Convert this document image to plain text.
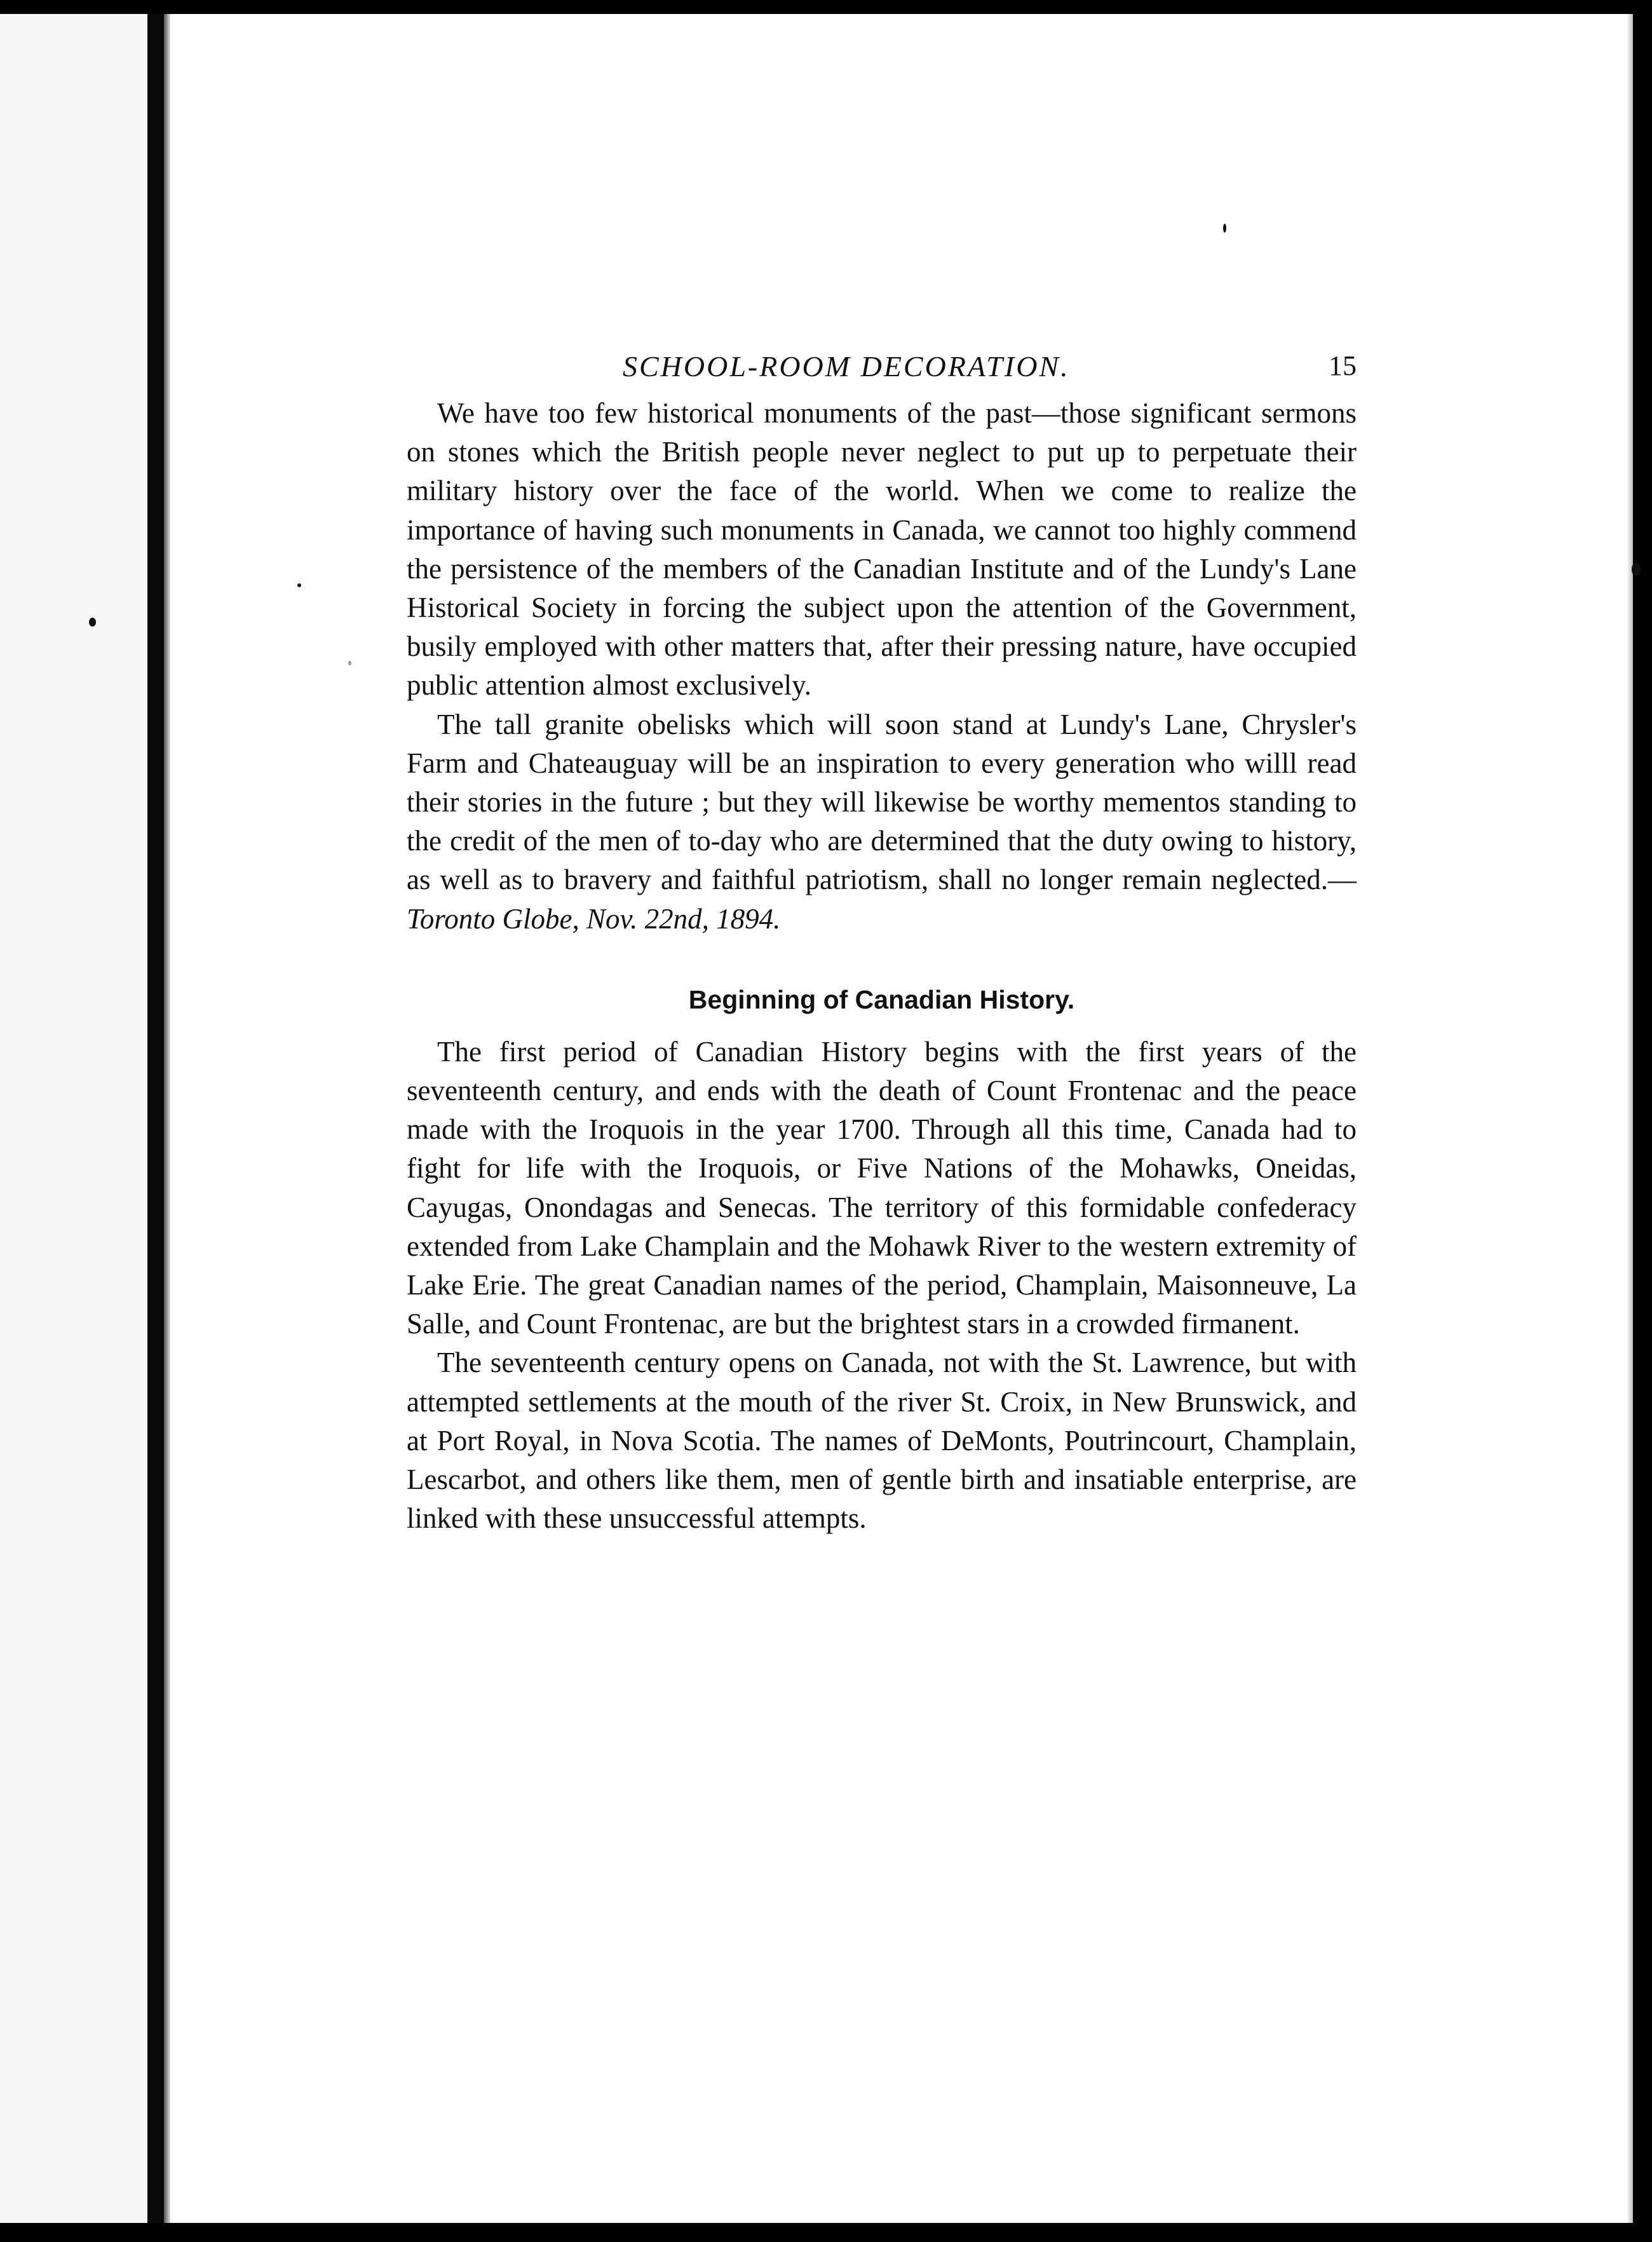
SCHOOL-ROOM DECORATION.	15

We have too few historical monuments of the past—those significant sermons on stones which the British people never neglect to put up to perpetuate their military history over the face of the world. When we come to realize the importance of having such monuments in Canada, we cannot too highly commend the persistence of the members of the Canadian Institute and of the Lundy's Lane Historical Society in forcing the subject upon the attention of the Government, busily employed with other matters that, after their pressing nature, have occupied public attention almost exclusively.

The tall granite obelisks which will soon stand at Lundy's Lane, Chrysler's Farm and Chateauguay will be an inspiration to every generation who willl read their stories in the future ; but they will likewise be worthy mementos standing to the credit of the men of to-day who are determined that the duty owing to history, as well as to bravery and faithful patriotism, shall no longer remain neglected.—Toronto Globe, Nov. 22nd, 1894.

Beginning of Canadian History.

The first period of Canadian History begins with the first years of the seventeenth century, and ends with the death of Count Frontenac and the peace made with the Iroquois in the year 1700. Through all this time, Canada had to fight for life with the Iroquois, or Five Nations of the Mohawks, Oneidas, Cayugas, Onondagas and Senecas. The territory of this formidable confederacy extended from Lake Champlain and the Mohawk River to the western extremity of Lake Erie. The great Canadian names of the period, Champlain, Maisonneuve, La Salle, and Count Frontenac, are but the brightest stars in a crowded firmanent.

The seventeenth century opens on Canada, not with the St. Lawrence, but with attempted settlements at the mouth of the river St. Croix, in New Brunswick, and at Port Royal, in Nova Scotia. The names of DeMonts, Poutrincourt, Champlain, Lescarbot, and others like them, men of gentle birth and insatiable enterprise, are linked with these unsuccessful attempts.
